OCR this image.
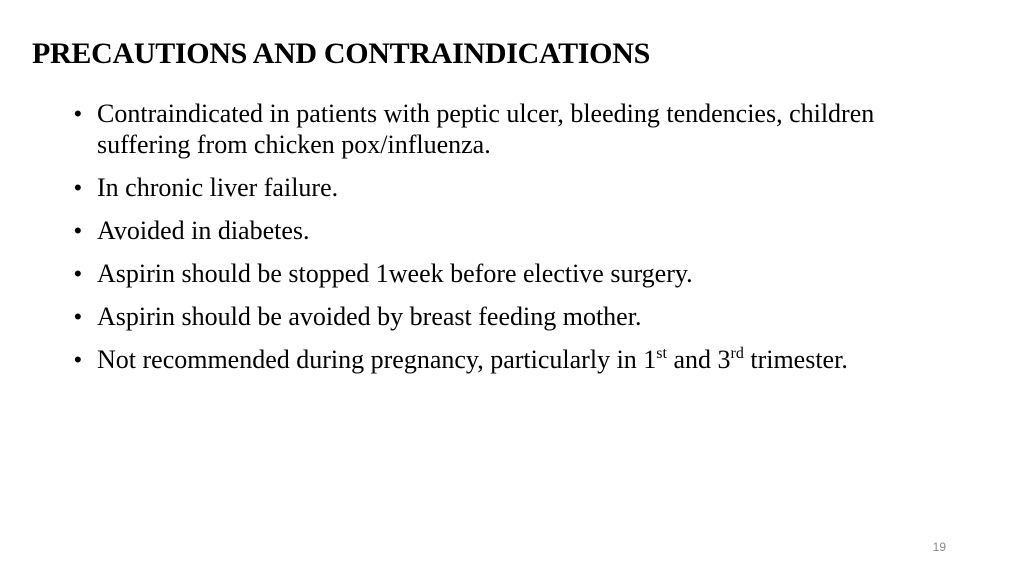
PRECAUTIONS AND CONTRAINDICATIONS
• Contraindicated in patients with peptic ulcer, bleeding tendencies, children suffering from chicken pox/influenza.
• In chronic liver failure.
• Avoided in diabetes.
• Aspirin should be stopped 1week before elective surgery.
• Aspirin should be avoided by breast feeding mother.
• Not recommended during pregnancy, particularly in 1st and 3rd trimester.
19
